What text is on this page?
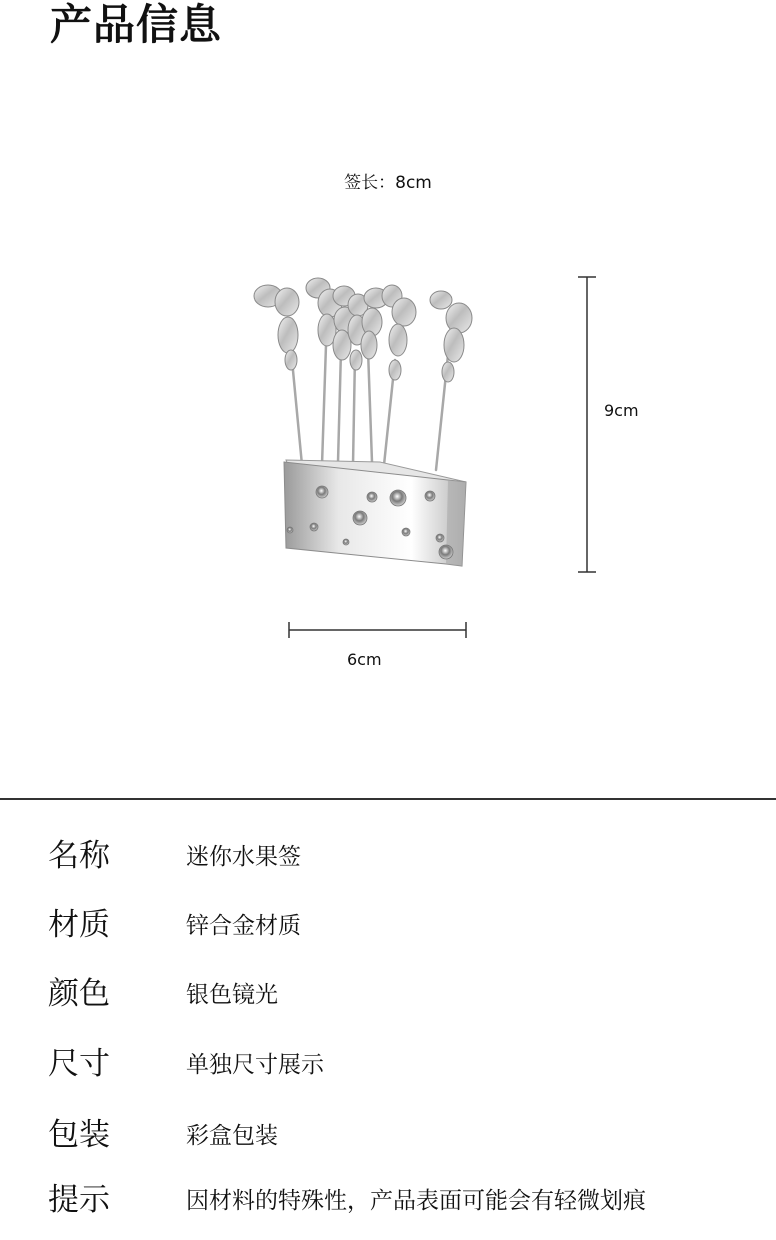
产品信息
签长：8cm
9cm
6cm
名称	迷你水果签
材质	锌合金材质
颜色	银色镜光
尺寸	单独尺寸展示
包装	彩盒包装
提示	因材料的特殊性，产品表面可能会有轻微划痕
